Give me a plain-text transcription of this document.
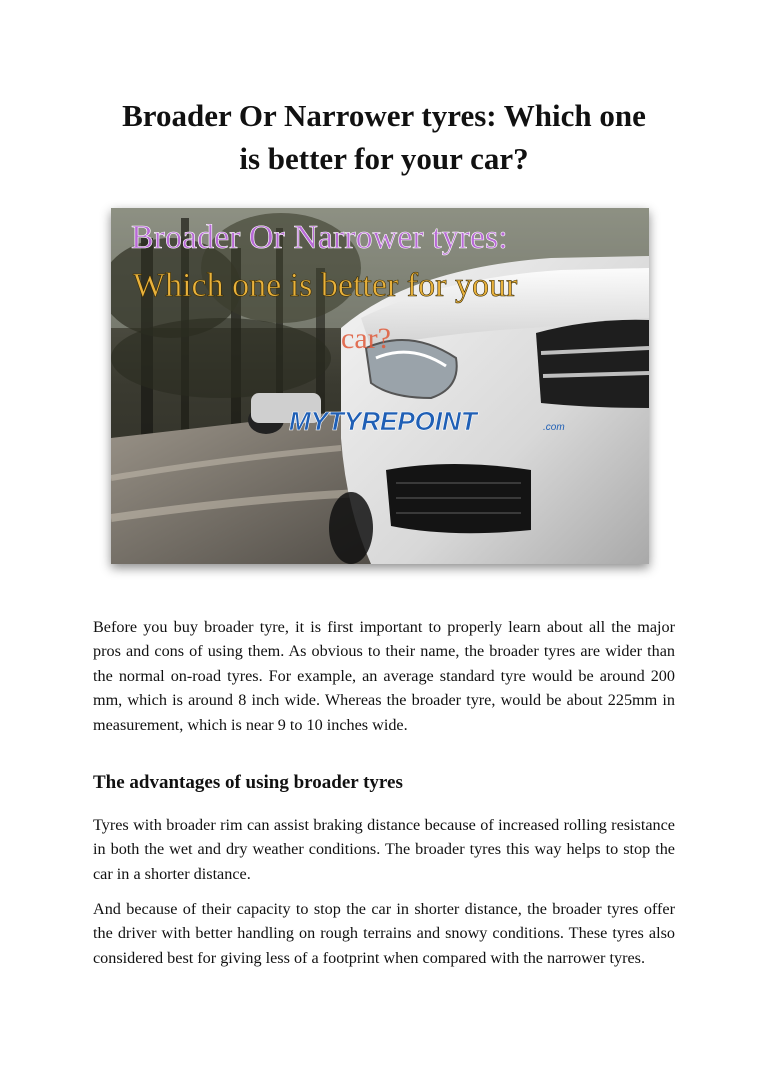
Broader Or Narrower tyres: Which one
is better for your car?
Broader Or Narrower tyres:
Which one is better for your
car?
MYTYREPOINT	.com

Before you buy broader tyre, it is first important to properly learn about all the major pros and cons of using them. As obvious to their name, the broader tyres are wider than the normal on-road tyres. For example, an average standard tyre would be around 200 mm, which is around 8 inch wide. Whereas the broader tyre, would be about 225mm in measurement, which is near 9 to 10 inches wide.

The advantages of using broader tyres

Tyres with broader rim can assist braking distance because of increased rolling resistance in both the wet and dry weather conditions. The broader tyres this way helps to stop the car in a shorter distance.

And because of their capacity to stop the car in shorter distance, the broader tyres offer the driver with better handling on rough terrains and snowy conditions. These tyres also considered best for giving less of a footprint when compared with the narrower tyres.
